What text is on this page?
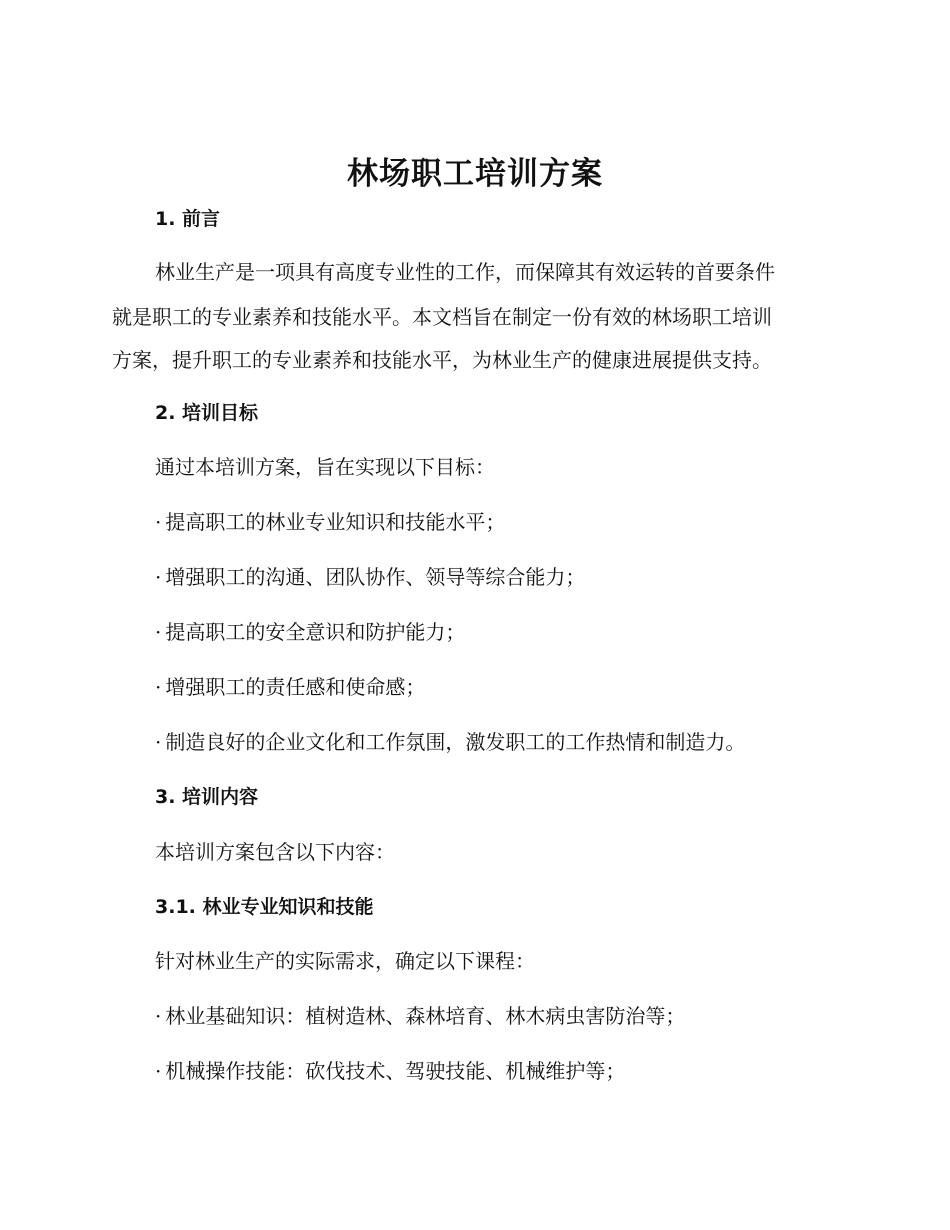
林场职工培训方案
1. 前言
林业生产是一项具有高度专业性的工作，而保障其有效运转的首要条件
就是职工的专业素养和技能水平。本文档旨在制定一份有效的林场职工培训
方案，提升职工的专业素养和技能水平，为林业生产的健康进展提供支持。
2. 培训目标
通过本培训方案，旨在实现以下目标：
· 提高职工的林业专业知识和技能水平；
· 增强职工的沟通、团队协作、领导等综合能力；
· 提高职工的安全意识和防护能力；
· 增强职工的责任感和使命感；
· 制造良好的企业文化和工作氛围，激发职工的工作热情和制造力。
3. 培训内容
本培训方案包含以下内容：
3.1. 林业专业知识和技能
针对林业生产的实际需求，确定以下课程：
· 林业基础知识：植树造林、森林培育、林木病虫害防治等；
· 机械操作技能：砍伐技术、驾驶技能、机械维护等；
